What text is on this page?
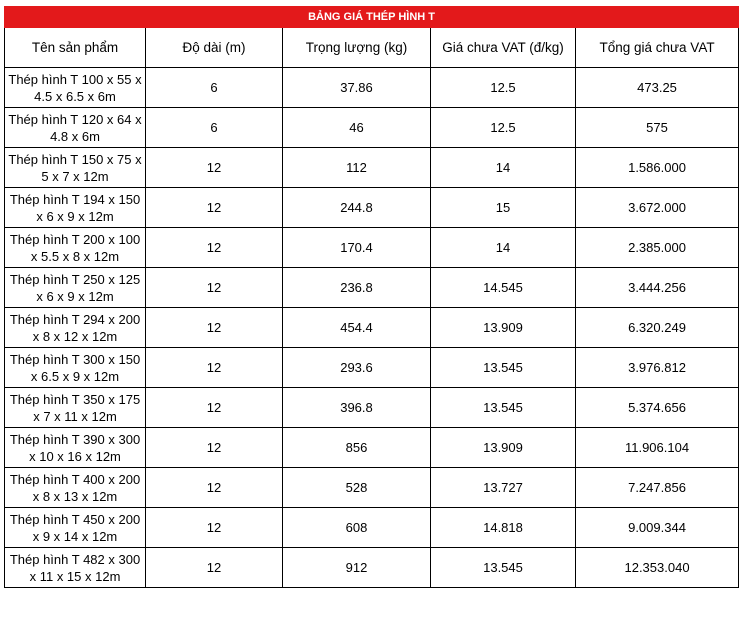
BẢNG GIÁ THÉP HÌNH T				
Tên sản phẩm	Độ dài (m)	Trọng lượng (kg)	Giá chưa VAT (đ/kg)	Tổng giá chưa VAT
Thép hình T 100 x 55 x 4.5 x 6.5 x 6m	6	37.86	12.5	473.25
Thép hình T 120 x 64 x 4.8 x 6m	6	46	12.5	575
Thép hình T 150 x 75 x 5 x 7 x 12m	12	112	14	1.586.000
Thép hình T 194 x 150 x 6 x 9 x 12m	12	244.8	15	3.672.000
Thép hình T 200 x 100 x 5.5 x 8 x 12m	12	170.4	14	2.385.000
Thép hình T 250 x 125 x 6 x 9 x 12m	12	236.8	14.545	3.444.256
Thép hình T 294 x 200 x 8 x 12 x 12m	12	454.4	13.909	6.320.249
Thép hình T 300 x 150 x 6.5 x 9 x 12m	12	293.6	13.545	3.976.812
Thép hình T 350 x 175 x 7 x 11 x 12m	12	396.8	13.545	5.374.656
Thép hình T 390 x 300 x 10 x 16 x 12m	12	856	13.909	11.906.104
Thép hình T 400 x 200 x 8 x 13 x 12m	12	528	13.727	7.247.856
Thép hình T 450 x 200 x 9 x 14 x 12m	12	608	14.818	9.009.344
Thép hình T 482 x 300 x 11 x 15 x 12m	12	912	13.545	12.353.040
